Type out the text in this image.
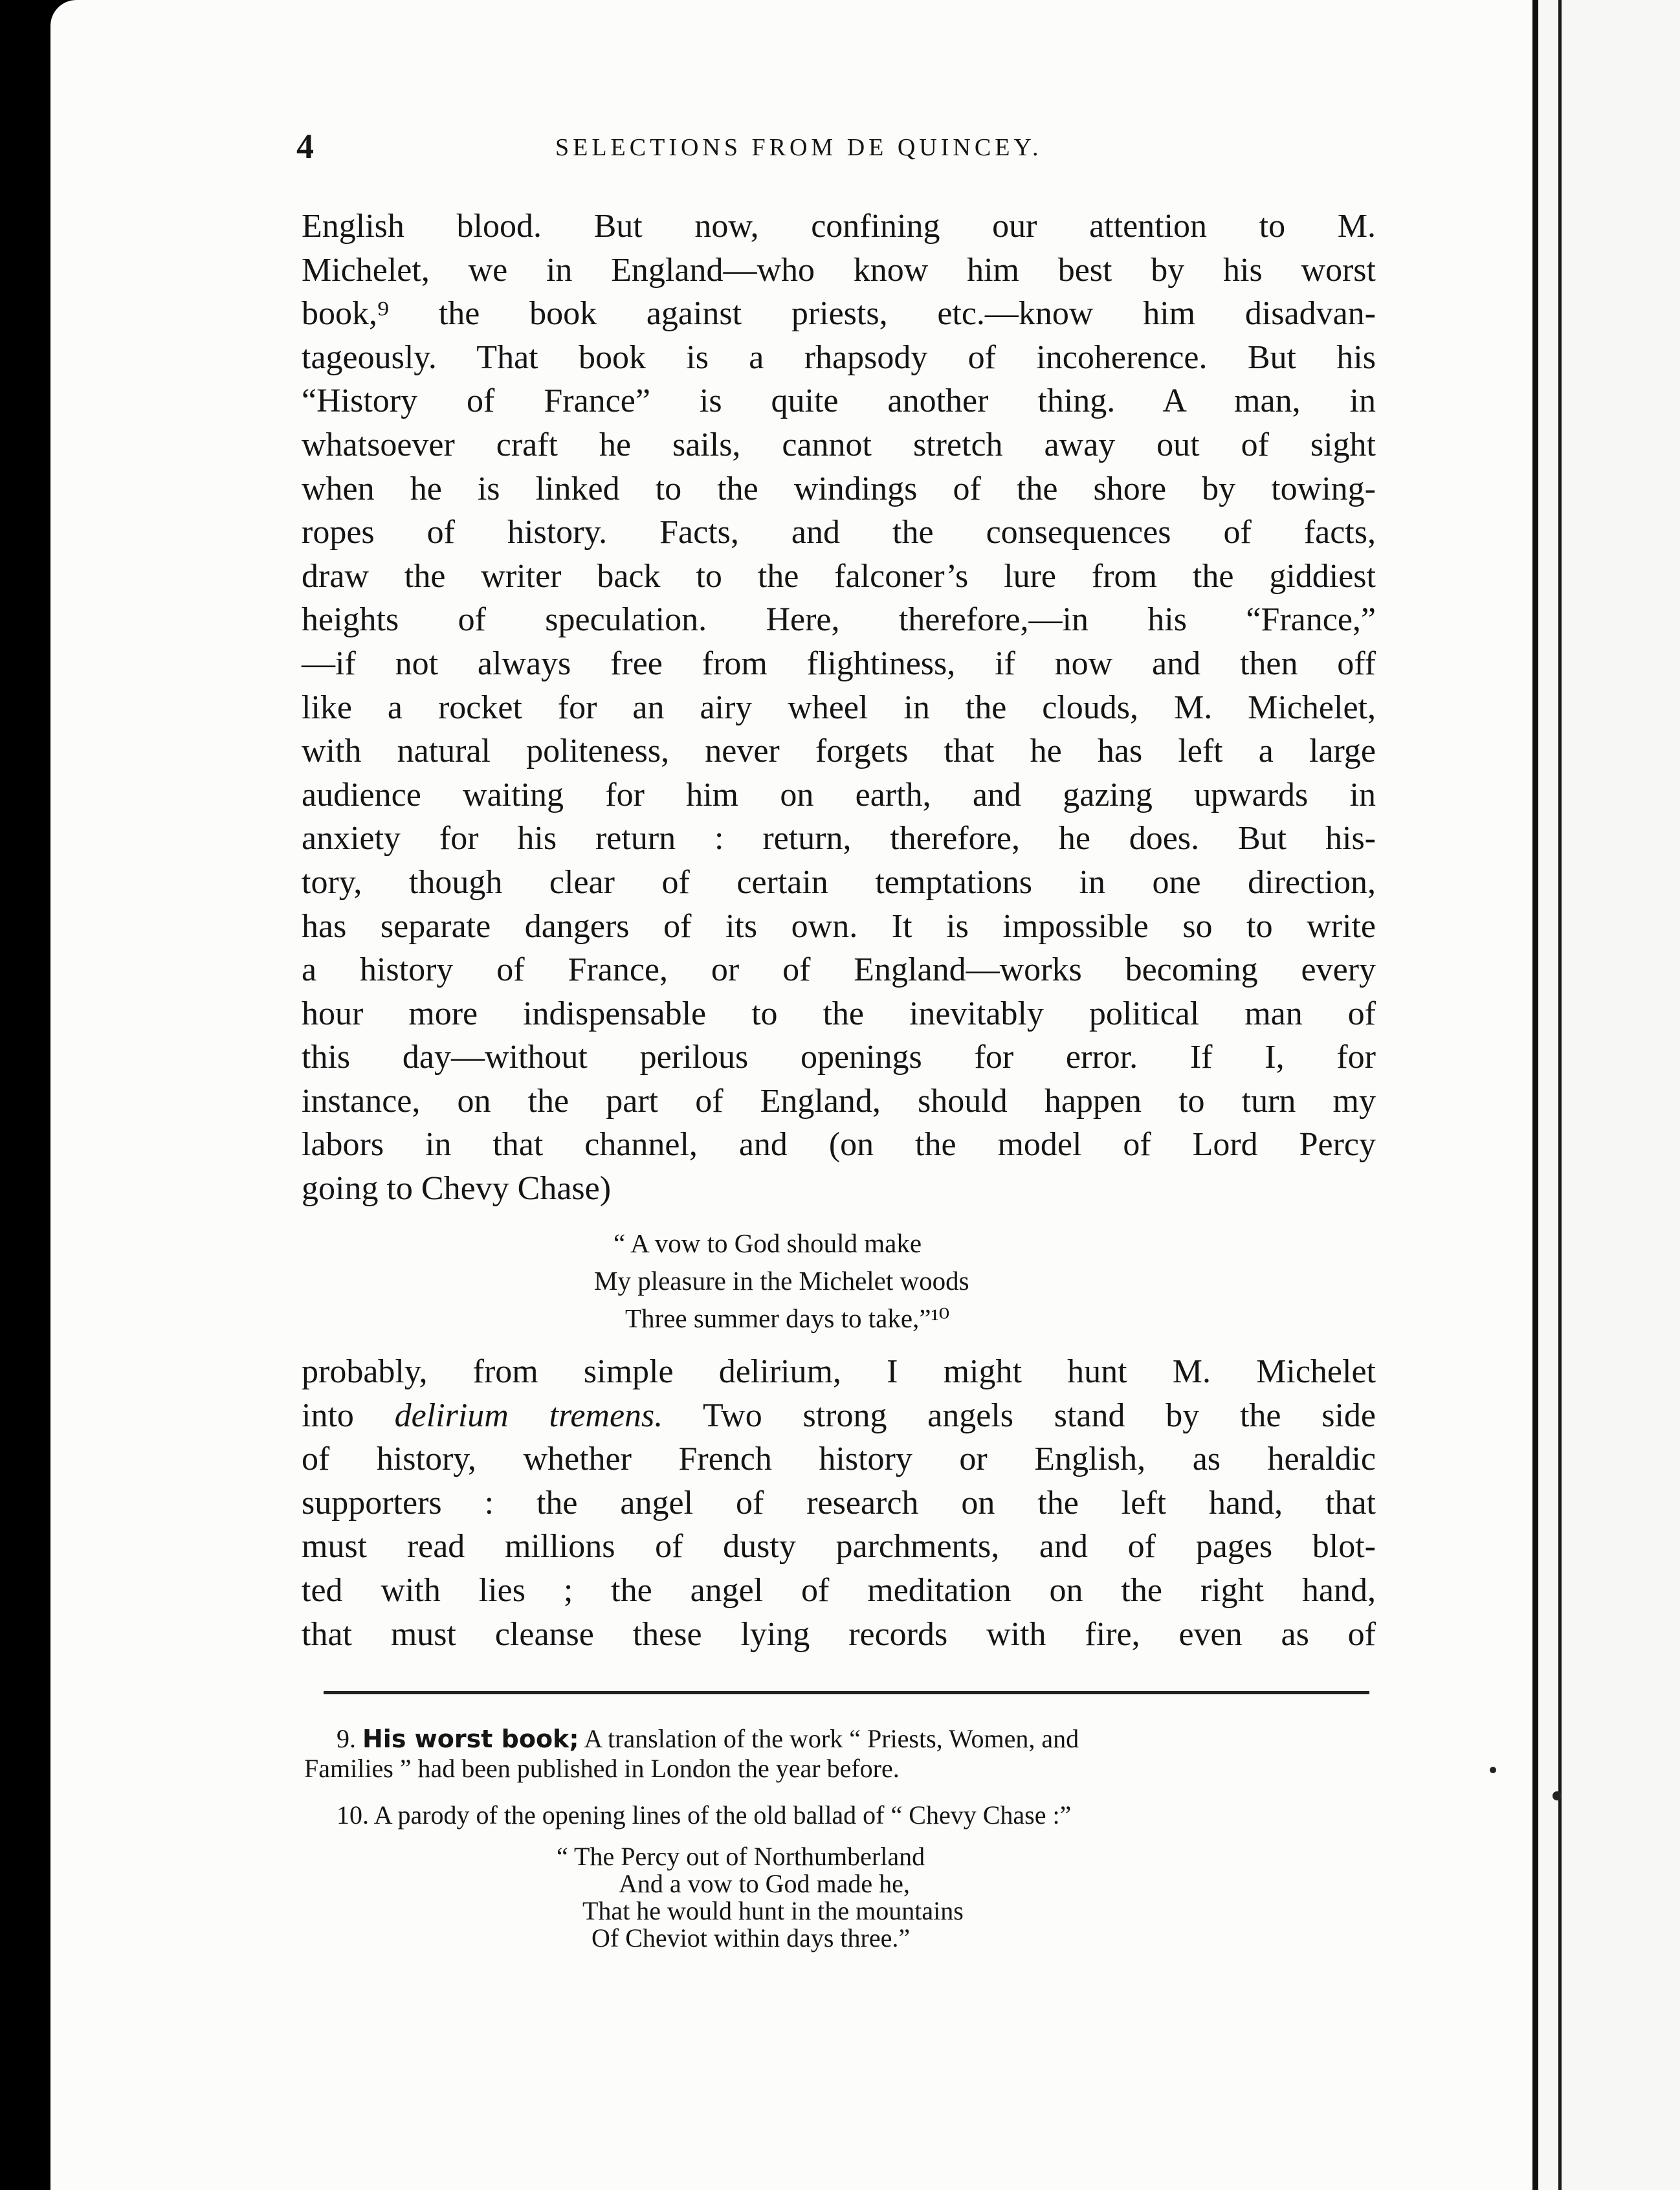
4	SELECTIONS FROM DE QUINCEY.
English blood. But now, confining our attention to M.
Michelet, we in England—who know him best by his worst
book,⁹ the book against priests, etc.—know him disadvan-
tageously. That book is a rhapsody of incoherence. But his
“History of France” is quite another thing. A man, in
whatsoever craft he sails, cannot stretch away out of sight
when he is linked to the windings of the shore by towing-
ropes of history. Facts, and the consequences of facts,
draw the writer back to the falconer’s lure from the giddiest
heights of speculation. Here, therefore,—in his “France,”
—if not always free from flightiness, if now and then off
like a rocket for an airy wheel in the clouds, M. Michelet,
with natural politeness, never forgets that he has left a large
audience waiting for him on earth, and gazing upwards in
anxiety for his return : return, therefore, he does. But his-
tory, though clear of certain temptations in one direction,
has separate dangers of its own. It is impossible so to write
a history of France, or of England—works becoming every
hour more indispensable to the inevitably political man of
this day—without perilous openings for error. If I, for
instance, on the part of England, should happen to turn my
labors in that channel, and (on the model of Lord Percy
going to Chevy Chase)
“ A vow to God should make
My pleasure in the Michelet woods
Three summer days to take,”¹⁰
probably, from simple delirium, I might hunt M. Michelet
into delirium tremens. Two strong angels stand by the side
of history, whether French history or English, as heraldic
supporters : the angel of research on the left hand, that
must read millions of dusty parchments, and of pages blot-
ted with lies ; the angel of meditation on the right hand,
that must cleanse these lying records with fire, even as of
9. His worst book; A translation of the work “ Priests, Women, and
Families ” had been published in London the year before.
10. A parody of the opening lines of the old ballad of “ Chevy Chase :”
“ The Percy out of Northumberland
And a vow to God made he,
That he would hunt in the mountains
Of Cheviot within days three.”
